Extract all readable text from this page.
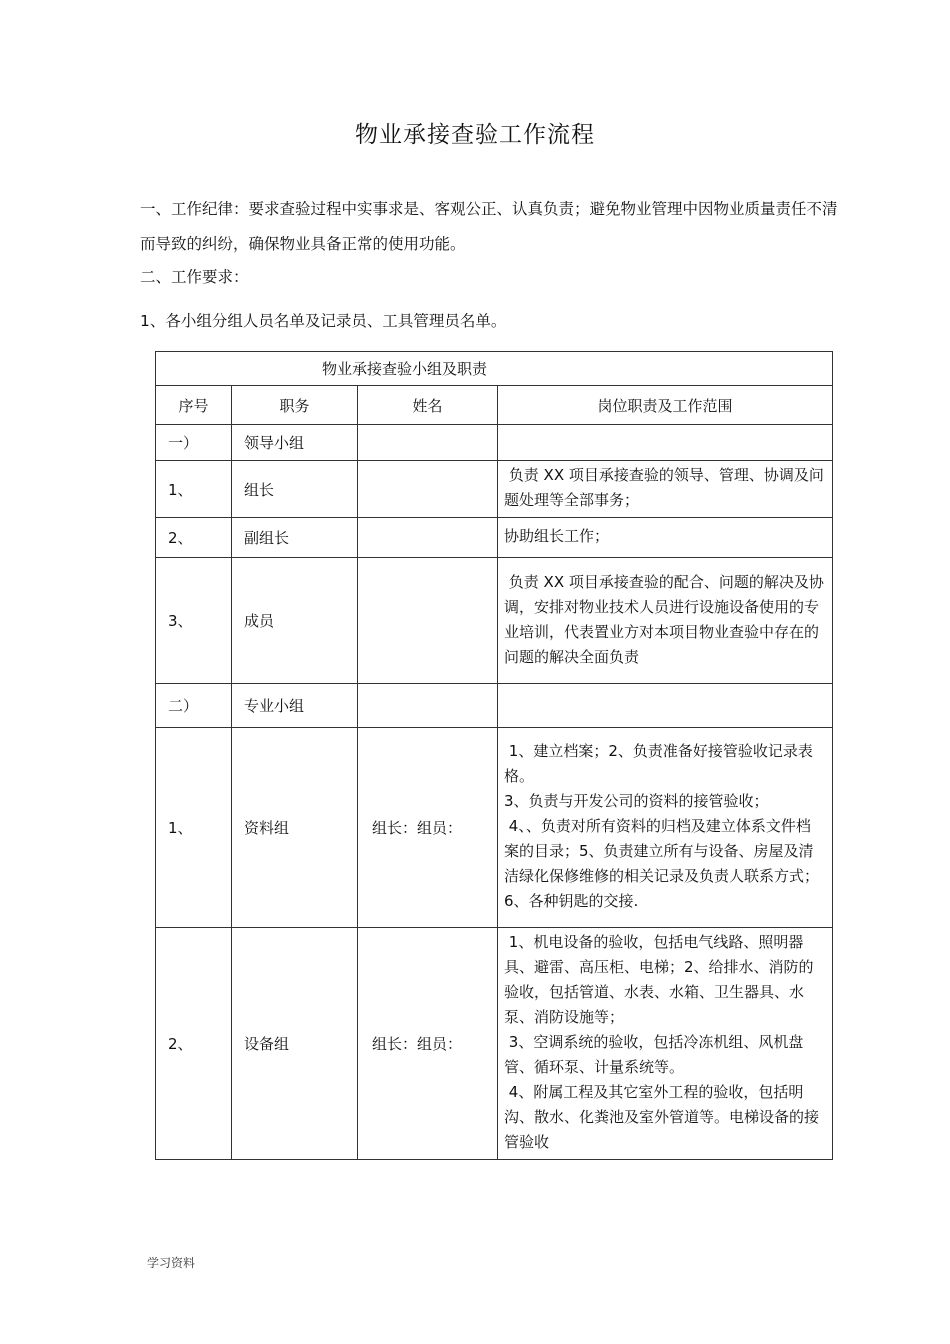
物业承接查验工作流程

一、工作纪律：要求查验过程中实事求是、客观公正、认真负责；避免物业管理中因物业质量责任不清而导致的纠纷，确保物业具备正常的使用功能。

二、工作要求：

1、各小组分组人员名单及记录员、工具管理员名单。

物业承接查验小组及职责			
序号	职务	姓名	岗位职责及工作范围
一）	领导小组		
1、	组长		负责 XX 项目承接查验的领导、管理、协调及问题处理等全部事务；
2、	副组长		协助组长工作；
3、	成员		负责 XX 项目承接查验的配合、问题的解决及协调，安排对物业技术人员进行设施设备使用的专业培训，代表置业方对本项目物业查验中存在的问题的解决全面负责
二）	专业小组		
1、	资料组	组长：组员：	1、建立档案；2、负责准备好接管验收记录表格。
3、负责与开发公司的资料的接管验收；
4、、负责对所有资料的归档及建立体系文件档案的目录；5、负责建立所有与设备、房屋及清洁绿化保修维修的相关记录及负责人联系方式；6、各种钥匙的交接.
2、	设备组	组长：组员：	1、机电设备的验收，包括电气线路、照明器具、避雷、高压柜、电梯；2、给排水、消防的验收，包括管道、水表、水箱、卫生器具、水泵、消防设施等；
3、空调系统的验收，包括冷冻机组、风机盘管、循环泵、计量系统等。
4、附属工程及其它室外工程的验收，包括明沟、散水、化粪池及室外管道等。电梯设备的接管验收
学习资料
